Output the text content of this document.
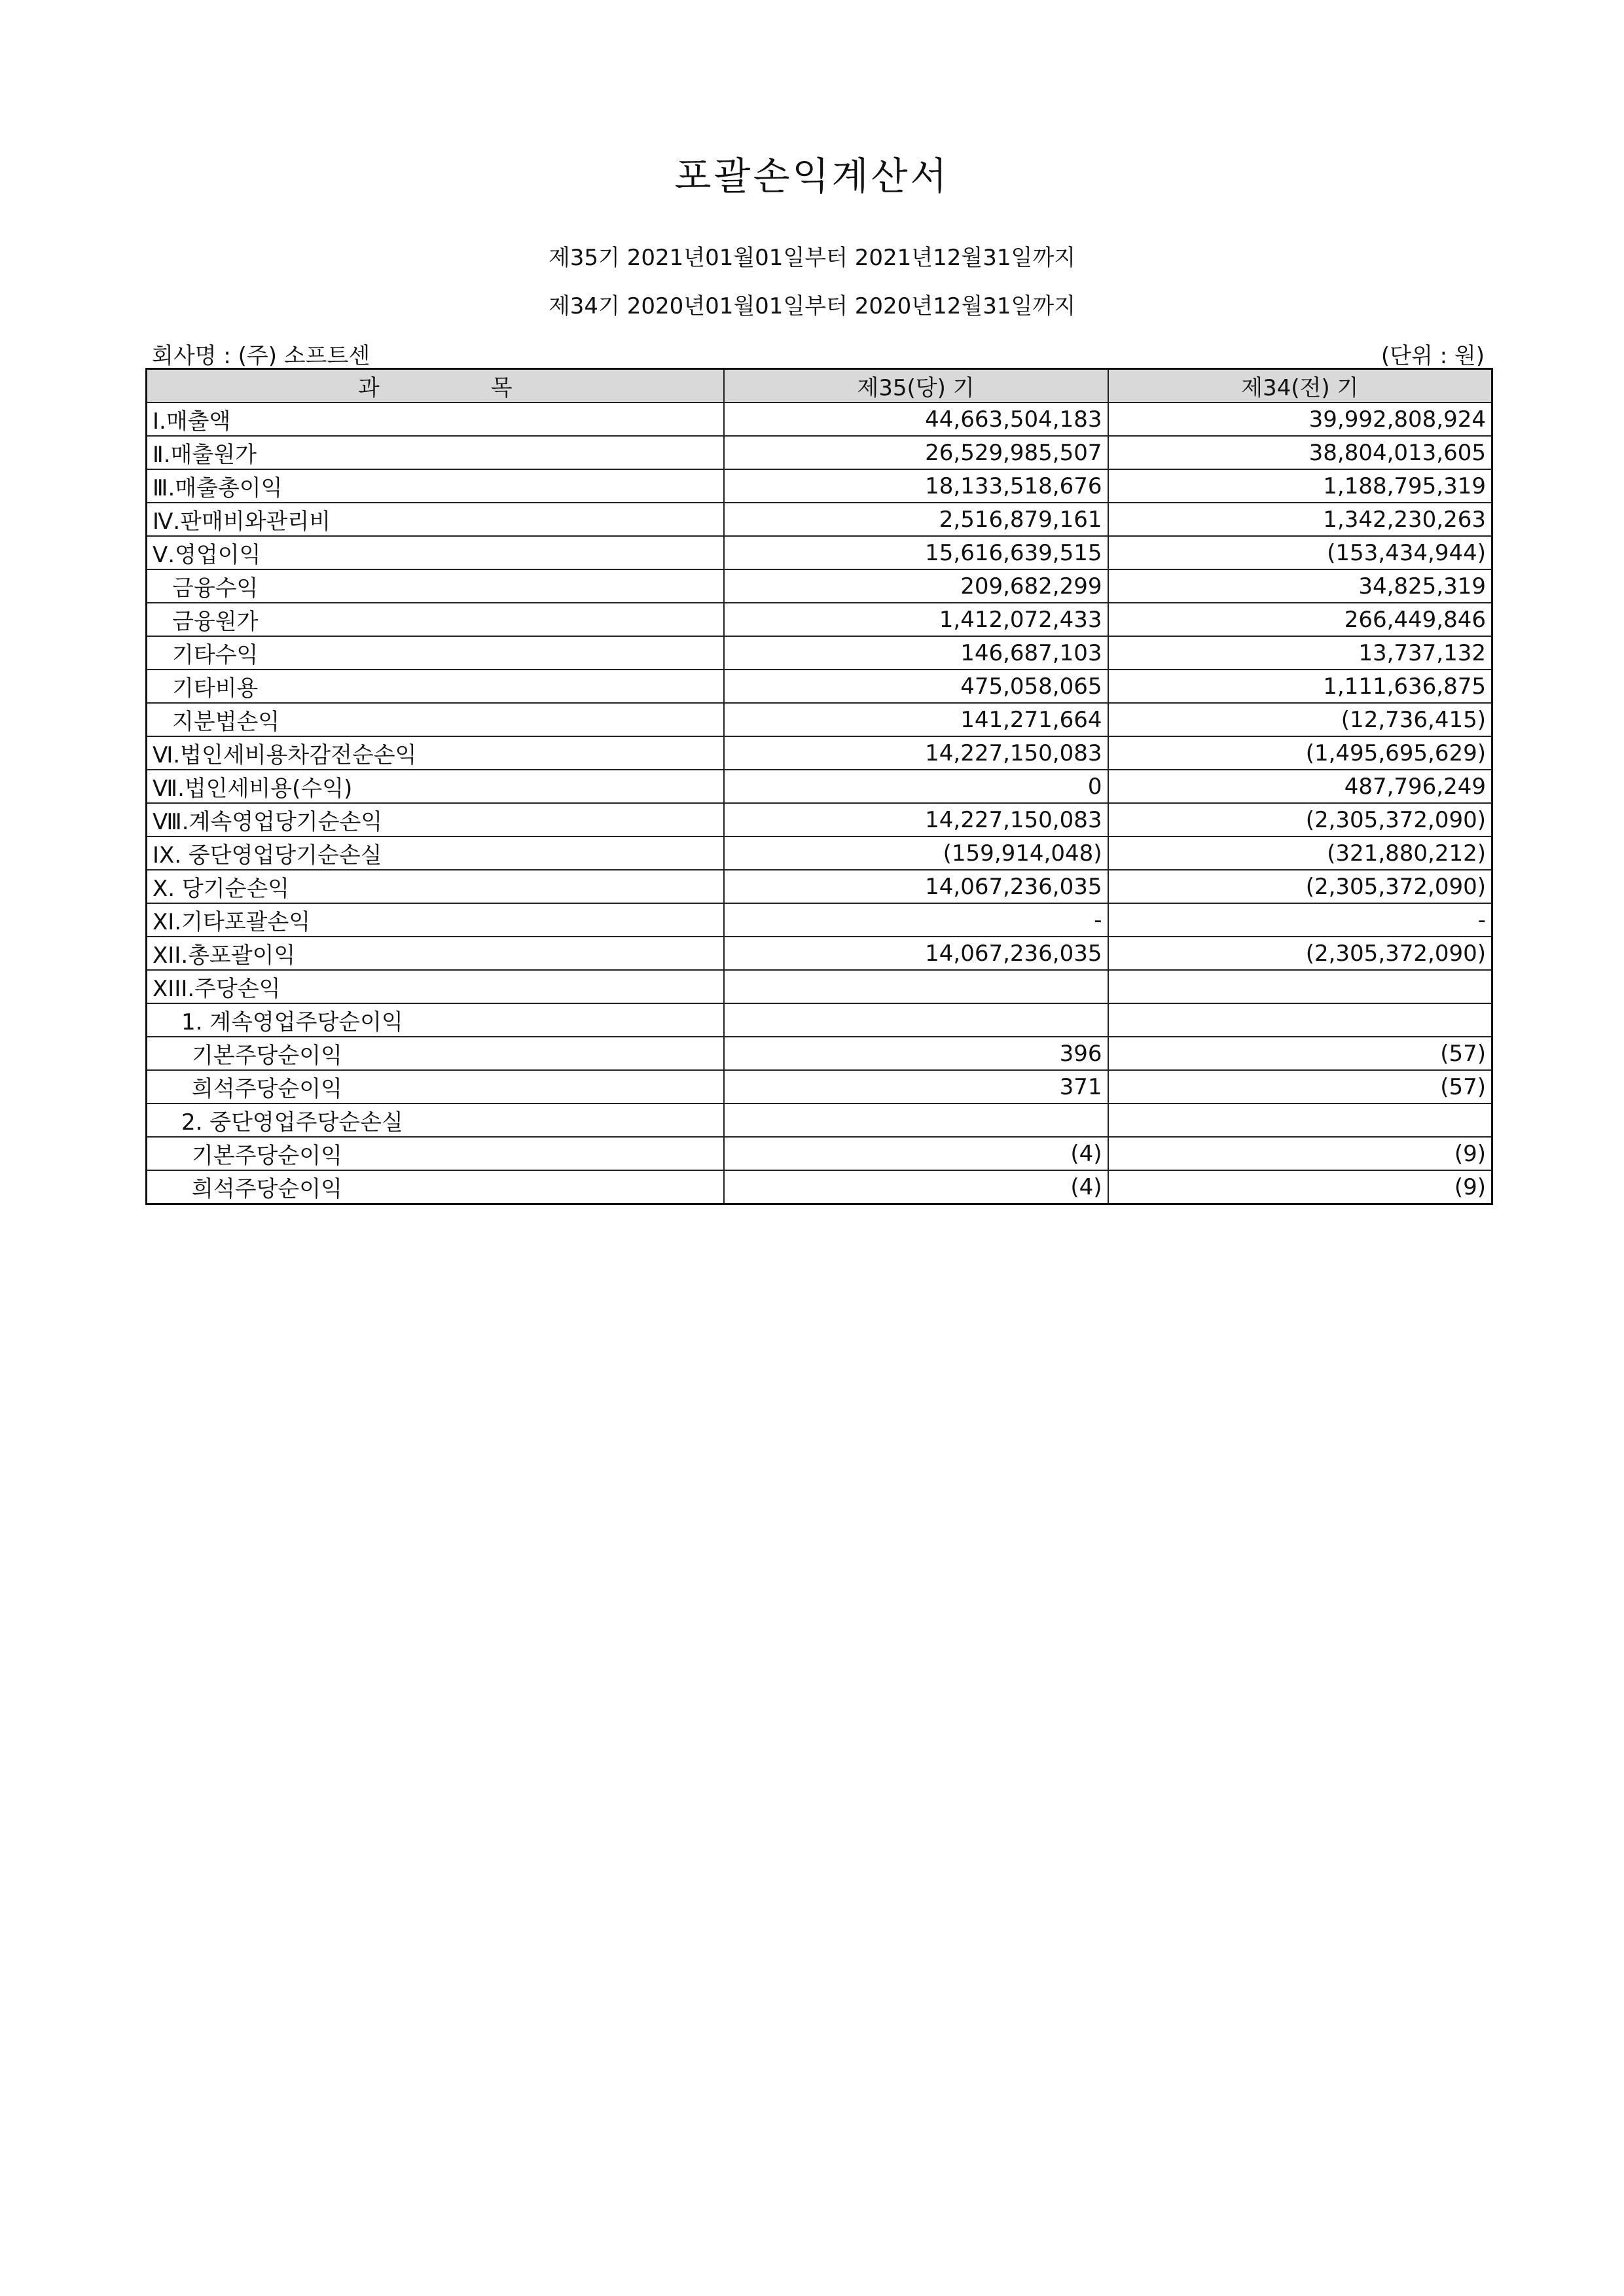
포괄손익계산서
제35기 2021년01월01일부터 2021년12월31일까지
제34기 2020년01월01일부터 2020년12월31일까지
회사명 : (주) 소프트센	(단위 : 원)
과 목	제35(당) 기	제34(전) 기
Ⅰ.매출액	44,663,504,183	39,992,808,924
Ⅱ.매출원가	26,529,985,507	38,804,013,605
Ⅲ.매출총이익	18,133,518,676	1,188,795,319
Ⅳ.판매비와관리비	2,516,879,161	1,342,230,263
Ⅴ.영업이익	15,616,639,515	(153,434,944)
금융수익	209,682,299	34,825,319
금융원가	1,412,072,433	266,449,846
기타수익	146,687,103	13,737,132
기타비용	475,058,065	1,111,636,875
지분법손익	141,271,664	(12,736,415)
Ⅵ.법인세비용차감전순손익	14,227,150,083	(1,495,695,629)
Ⅶ.법인세비용(수익)	0	487,796,249
Ⅷ.계속영업당기순손익	14,227,150,083	(2,305,372,090)
IX. 중단영업당기순손실	(159,914,048)	(321,880,212)
X. 당기순손익	14,067,236,035	(2,305,372,090)
XI.기타포괄손익	-	-
XII.총포괄이익	14,067,236,035	(2,305,372,090)
XIII.주당손익		
1. 계속영업주당순이익		
기본주당순이익	396	(57)
희석주당순이익	371	(57)
2. 중단영업주당순손실		
기본주당순이익	(4)	(9)
희석주당순이익	(4)	(9)
